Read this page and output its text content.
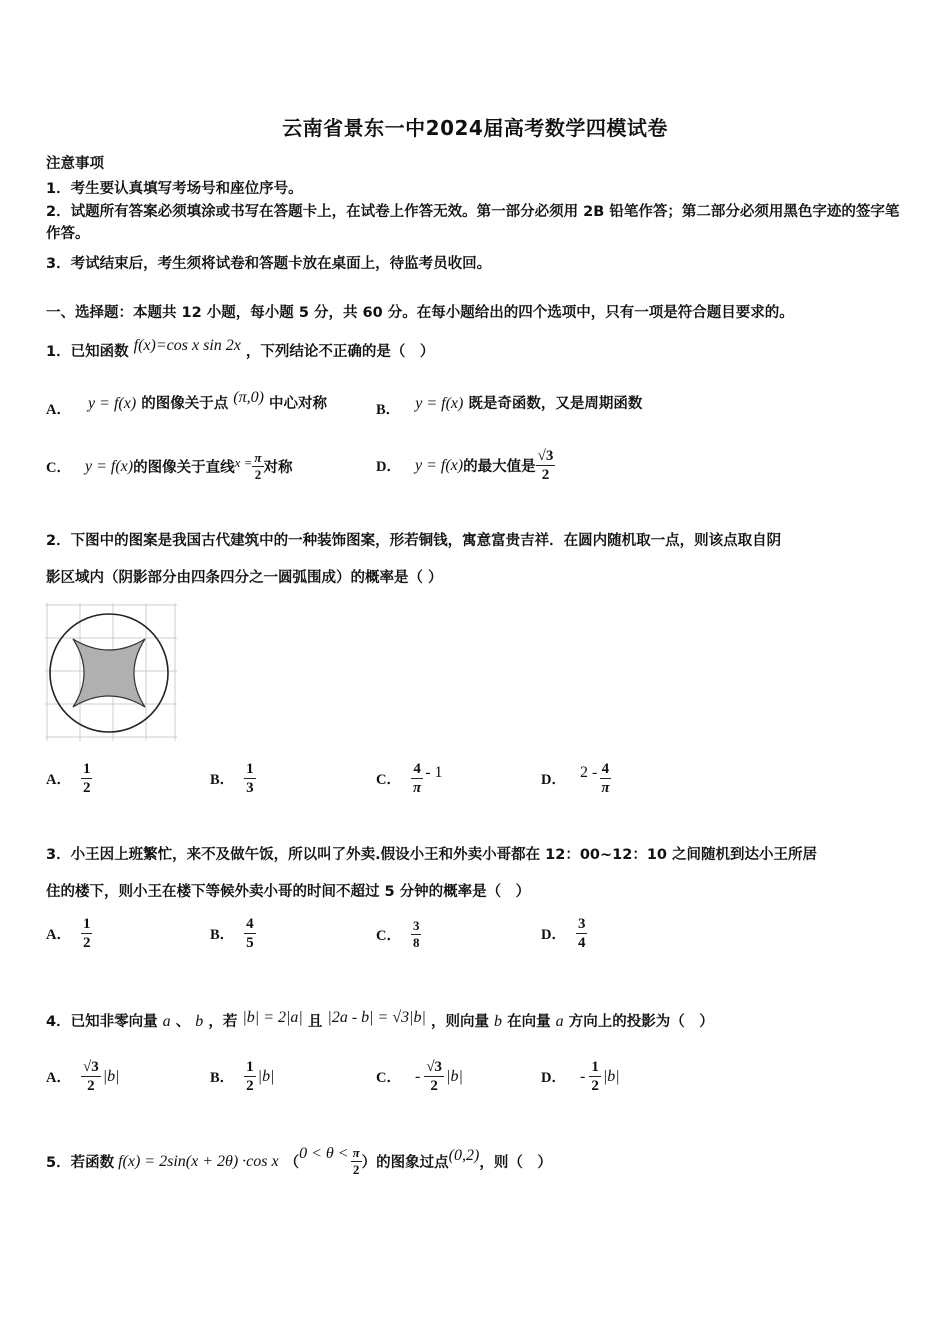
云南省景东一中2024届高考数学四模试卷
注意事项
1．考生要认真填写考场号和座位序号。
2．试题所有答案必须填涂或书写在答题卡上，在试卷上作答无效。第一部分必须用 2B 铅笔作答；第二部分必须用黑色字迹的签字笔作答。
3．考试结束后，考生须将试卷和答题卡放在桌面上，待监考员收回。
一、选择题：本题共 12 小题，每小题 5 分，共 60 分。在每小题给出的四个选项中，只有一项是符合题目要求的。
1．已知函数 f(x)=cos x sin 2x ，下列结论不正确的是（　）
A． y = f(x) 的图像关于点 (π,0) 中心对称	B． y = f(x) 既是奇函数，又是周期函数
C． y = f(x) 的图像关于直线 $x = \frac{\pi}{2}$ 对称	D． y = f(x) 的最大值是 $\frac{√3}{2}$
2．下图中的图案是我国古代建筑中的一种装饰图案，形若铜钱，寓意富贵吉祥．在圆内随机取一点，则该点取自阴
影区域内（阴影部分由四条四分之一圆弧围成）的概率是（ ）
A． $\frac{1}{2}$	B． $\frac{1}{3}$	C． $\frac{4}{\pi} - 1$	D． $2 - \frac{4}{\pi}$
3．小王因上班繁忙，来不及做午饭，所以叫了外卖.假设小王和外卖小哥都在 12：00~12：10 之间随机到达小王所居
住的楼下，则小王在楼下等候外卖小哥的时间不超过 5 分钟的概率是（　）
A． $\frac{1}{2}$	B． $\frac{4}{5}$	C． $\frac{3}{8}$	D． $\frac{3}{4}$
4．已知非零向量 a 、 b ，若 |b| = 2|a| 且 |2a - b| = √3|b| ，则向量 b 在向量 a 方向上的投影为（　）
A． $\frac{√3}{2} |b|$	B． $\frac{1}{2} |b|$	C． - $\frac{√3}{2} |b|$	D． - $\frac{1}{2} |b|$
5．若函数 f(x) = 2sin(x + 2θ) ·cos x （
$0 < \theta < \frac{\pi}{2}$ ）的图象过点 (0,2) ，则（　）
